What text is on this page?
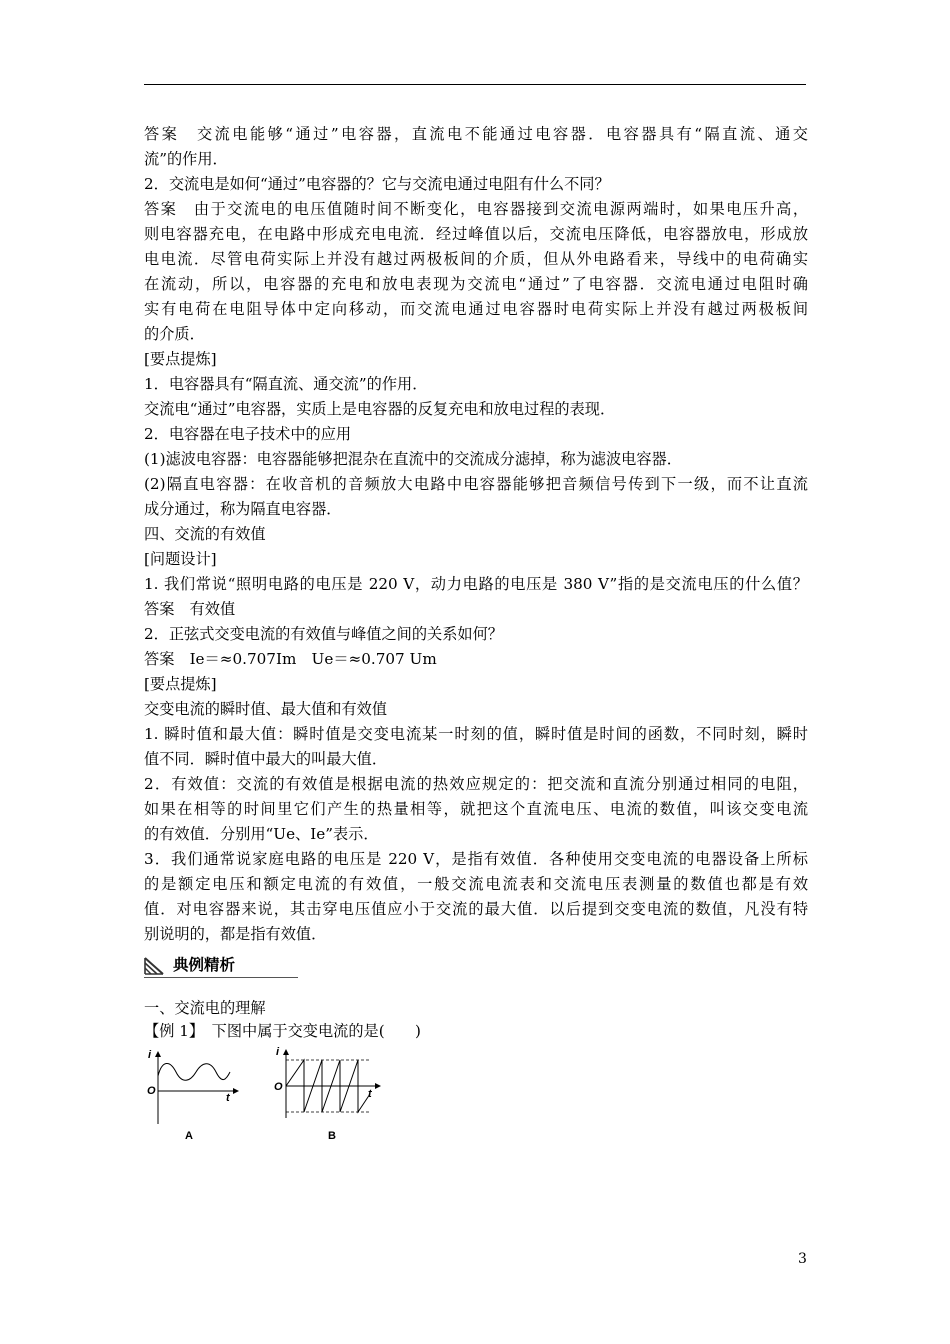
答案　交流电能够“通过”电容器，直流电不能通过电容器．电容器具有“隔直流、通交
流”的作用．
2．交流电是如何“通过”电容器的？它与交流电通过电阻有什么不同？
答案　由于交流电的电压值随时间不断变化，电容器接到交流电源两端时，如果电压升高，
则电容器充电，在电路中形成充电电流．经过峰值以后，交流电压降低，电容器放电，形成放
电电流．尽管电荷实际上并没有越过两极板间的介质，但从外电路看来，导线中的电荷确实
在流动，所以，电容器的充电和放电表现为交流电“通过”了电容器．交流电通过电阻时确
实有电荷在电阻导体中定向移动，而交流电通过电容器时电荷实际上并没有越过两极板间
的介质．
[要点提炼]
1．电容器具有“隔直流、通交流”的作用．
交流电“通过”电容器，实质上是电容器的反复充电和放电过程的表现．
2．电容器在电子技术中的应用
(1)滤波电容器：电容器能够把混杂在直流中的交流成分滤掉，称为滤波电容器．
(2)隔直电容器：在收音机的音频放大电路中电容器能够把音频信号传到下一级，而不让直流
成分通过，称为隔直电容器．
四、交流的有效值
[问题设计]
1. 我们常说“照明电路的电压是 220 V，动力电路的电压是 380 V”指的是交流电压的什么值？
答案　有效值
2．正弦式交变电流的有效值与峰值之间的关系如何？
答案　Ie＝≈0.707Im　Ue＝≈0.707 Um
[要点提炼]
交变电流的瞬时值、最大值和有效值
1. 瞬时值和最大值：瞬时值是交变电流某一时刻的值，瞬时值是时间的函数，不同时刻，瞬时
值不同．瞬时值中最大的叫最大值．
2．有效值：交流的有效值是根据电流的热效应规定的：把交流和直流分别通过相同的电阻，
如果在相等的时间里它们产生的热量相等，就把这个直流电压、电流的数值，叫该交变电流
的有效值．分别用“Ue、Ie”表示．
3．我们通常说家庭电路的电压是 220 V，是指有效值．各种使用交变电流的电器设备上所标
的是额定电压和额定电流的有效值，一般交流电流表和交流电压表测量的数值也都是有效
值．对电容器来说，其击穿电压值应小于交流的最大值．以后提到交变电流的数值，凡没有特
别说明的，都是指有效值．
典例精析
一、交流电的理解
【例 1】　下图中属于交变电流的是(　　)
i
O
t
A
i
O
t
B
3
